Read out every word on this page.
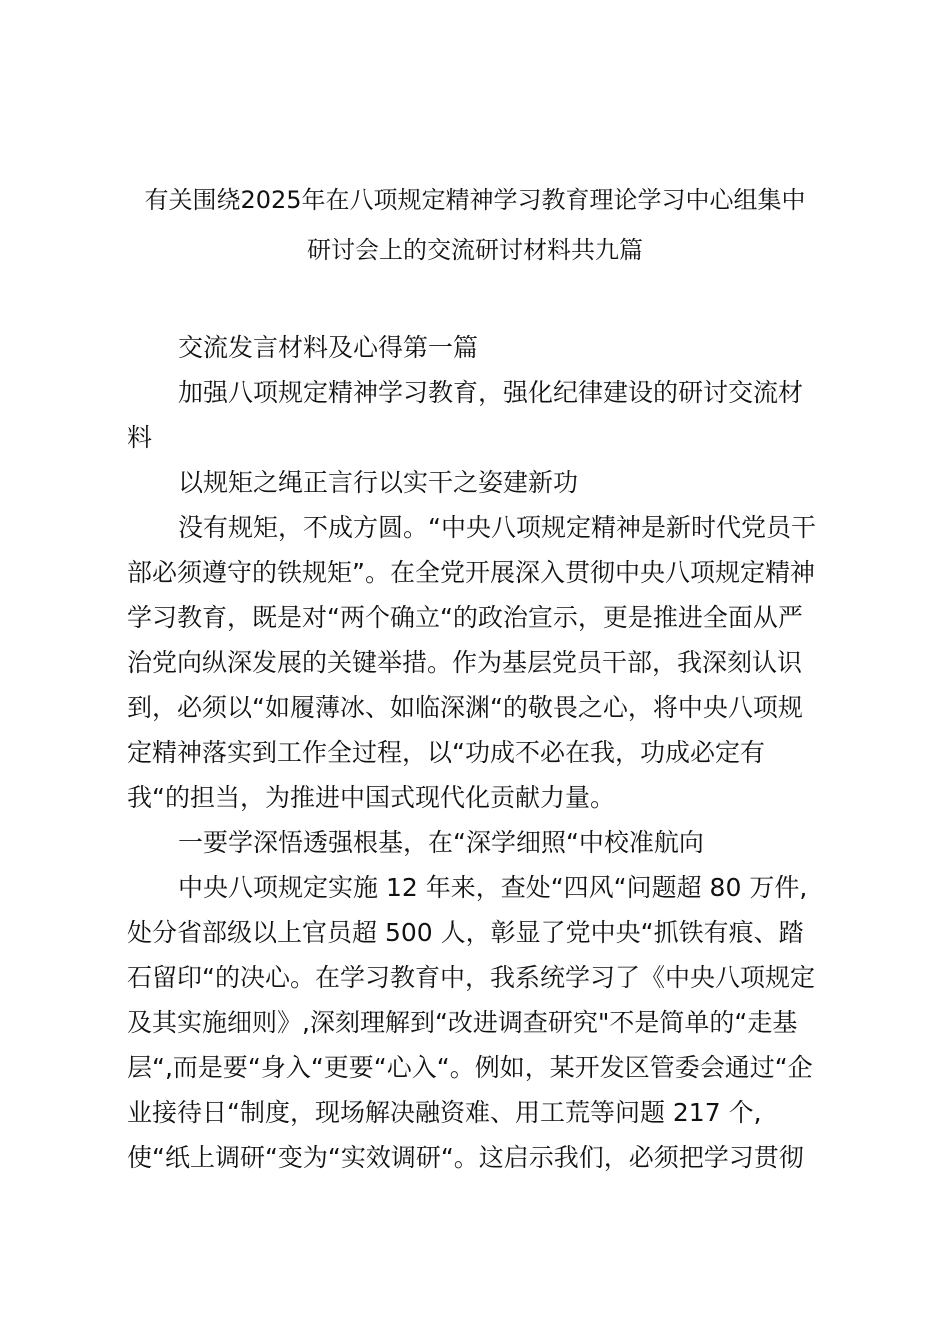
有关围绕2025年在八项规定精神学习教育理论学习中心组集中
研讨会上的交流研讨材料共九篇
交流发言材料及心得第一篇
加强八项规定精神学习教育，强化纪律建设的研讨交流材
料
以规矩之绳正言行以实干之姿建新功
没有规矩，不成方圆。“中央八项规定精神是新时代党员干
部必须遵守的铁规矩”。在全党开展深入贯彻中央八项规定精神
学习教育，既是对“两个确立“的政治宣示，更是推进全面从严
治党向纵深发展的关键举措。作为基层党员干部，我深刻认识
到，必须以“如履薄冰、如临深渊“的敬畏之心，将中央八项规
定精神落实到工作全过程，以“功成不必在我，功成必定有
我“的担当，为推进中国式现代化贡献力量。
一要学深悟透强根基，在“深学细照“中校准航向
中央八项规定实施 12 年来，查处“四风“问题超 80 万件,
处分省部级以上官员超 500 人，彰显了党中央“抓铁有痕、踏
石留印“的决心。在学习教育中，我系统学习了《中央八项规定
及其实施细则》,深刻理解到“改进调查研究"不是简单的“走基
层“,而是要“身入“更要“心入“。例如，某开发区管委会通过“企
业接待日“制度，现场解决融资难、用工荒等问题 217 个,
使“纸上调研“变为“实效调研“。这启示我们，必须把学习贯彻
